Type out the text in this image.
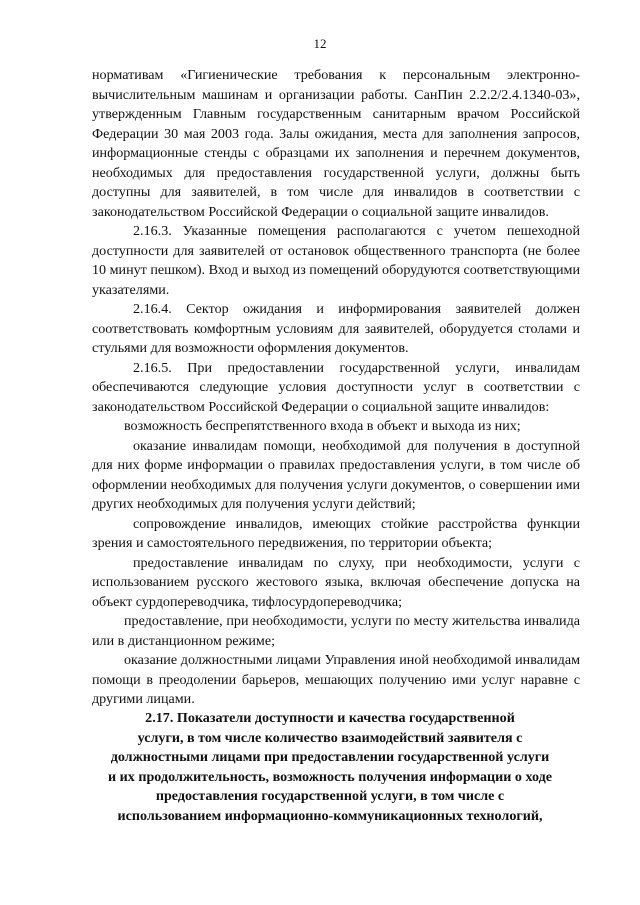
12

нормативам «Гигиенические требования к персональным электронно-вычислительным машинам и организации работы. СанПин 2.2.2/2.4.1340-03», утвержденным Главным государственным санитарным врачом Российской Федерации 30 мая 2003 года. Залы ожидания, места для заполнения запросов, информационные стенды с образцами их заполнения и перечнем документов, необходимых для предоставления государственной услуги, должны быть доступны для заявителей, в том числе для инвалидов в соответствии с законодательством Российской Федерации о социальной защите инвалидов.

2.16.3. Указанные помещения располагаются с учетом пешеходной доступности для заявителей от остановок общественного транспорта (не более 10 минут пешком). Вход и выход из помещений оборудуются соответствующими указателями.

2.16.4. Сектор ожидания и информирования заявителей должен соответствовать комфортным условиям для заявителей, оборудуется столами и стульями для возможности оформления документов.

2.16.5. При предоставлении государственной услуги, инвалидам обеспечиваются следующие условия доступности услуг в соответствии с законодательством Российской Федерации о социальной защите инвалидов:

возможность беспрепятственного входа в объект и выхода из них;

оказание инвалидам помощи, необходимой для получения в доступной для них форме информации о правилах предоставления услуги, в том числе об оформлении необходимых для получения услуги документов, о совершении ими других необходимых для получения услуги действий;

сопровождение инвалидов, имеющих стойкие расстройства функции зрения и самостоятельного передвижения, по территории объекта;

предоставление инвалидам по слуху, при необходимости, услуги с использованием русского жестового языка, включая обеспечение допуска на объект сурдопереводчика, тифлосурдопереводчика;

предоставление, при необходимости, услуги по месту жительства инвалида или в дистанционном режиме;

оказание должностными лицами Управления иной необходимой инвалидам помощи в преодолении барьеров, мешающих получению ими услуг наравне с другими лицами.

2.17. Показатели доступности и качества государственной

услуги, в том числе количество взаимодействий заявителя с

должностными лицами при предоставлении государственной услуги

и их продолжительность, возможность получения информации о ходе

предоставления государственной услуги, в том числе с

использованием информационно-коммуникационных технологий,
